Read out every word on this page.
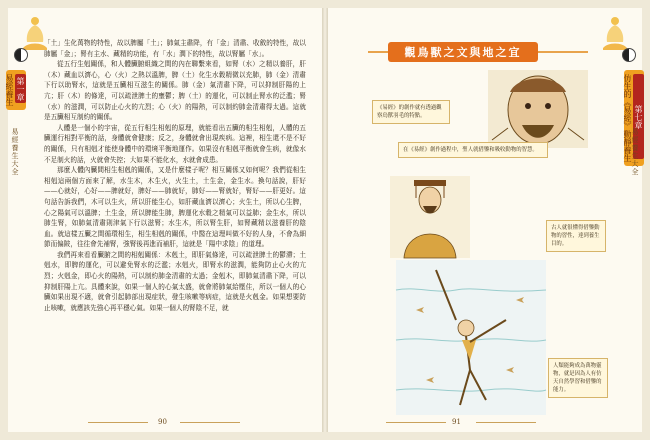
第一章
易經養生
易經養生大全

「土」生化萬物的特性，故以脾屬「土」；肺氣主肅降，有「金」清肅、收斂的特性，故以肺屬「金」；腎有主水、藏精的功能，有「水」潤下的特性，故以腎屬「水」。

從五行生剋關係，和人體臟腑組織之間的內在聯繫來看，如腎（水）之精以養肝，肝（木）藏血以濟心，心（火）之熱以溫脾，脾（土）化生水穀精微以充肺，肺（金）清肅下行以助腎水，這就是五臟相互滋生的關係。肺（金）氣清肅下降，可以抑制肝陽的上亢；肝（木）的條達，可以疏泄脾土的壅鬱；脾（土）的運化，可以制止腎水的泛濫；腎（水）的滋潤，可以防止心火的亢烈；心（火）的陽熱，可以制約肺金清肅得太過。這就是五臟相互制約的關係。

人體是一個小的宇宙，從五行相生相剋的原理，就能看出五臟的相生相剋，人體的五臟運行相對平衡的話，身體就會健康；反之，身體就會出現疾病。這裡，相生還不是不好的關係，只有相剋才能使身體中的環境平衡地運作。如果沒有相剋平衡就會生病，就像水不足制火的話，火就會失控；大如果不能化水，水就會成患。

那麼人體內臟間相生相剋的關係，又是什麼樣子呢？相互關係又如何呢？我們從相生相剋這兩個方面來了解，水生木，木生火，火生土，土生金，金生水。換句話說，肝好——心就好，心好——脾就好，脾好——肺就好，肺好——腎就好，腎好——肝更好。這句話告訴我們，木可以生火，所以肝能生心，如肝藏血濟以濟心；火生土，所以心生脾，心之陽氣可以溫脾；土生金，所以脾能生肺，脾運化水穀之精氣可以益肺；金生水，所以肺生腎，如肺氣清肅則津氣下行以滋腎；水生木，所以腎生肝，如腎藏精以滋養肝的陰血。就這樣五臟之間循環相生，相生相剋的關係，中醫在這理叫做不好的人身，不會為細節而偏陂，往往會先補腎，強腎後再進而補肝，這就是「陽中求陰」的道理。

我們再來看看臟腑之間的相剋關係：木剋土，即肝氣條達，可以疏泄脾土的鬱滯；土剋水，即脾的運化，可以避免腎水的泛濫；水剋火，即腎水的滋潤，能夠防止心火的亢烈；火剋金，即心火的陽熱，可以制約肺金清肅的太過；金剋木，即肺氣清肅下降，可以抑制肝陽上亢。具體來說，如果一個人的心氣太盛，就會將肺氣給壓住，所以一個人的心臟如果出現不適，就會引起肺部出現症狀，發生咳嗽等病症，這就是火剋金。如果想要防止咳嗽，就應該先強心再平穩心氣。如果一個人的腎陰不足，就

90
第七章
仿生的《易經》動靜養生 易經養生大全
觀鳥獸之文與地之宜
《易經》的創作就有透過觀察鳥獸羽毛的特點。
在《易經》創作過程中，聖人就借鑒和吸收動物的智慧。
古人就很懂得借鑒動物的習性，達到養生目的。
人類能夠成為萬物靈物，就是因為人有仿天自然學習和借鑒的能力。
91
